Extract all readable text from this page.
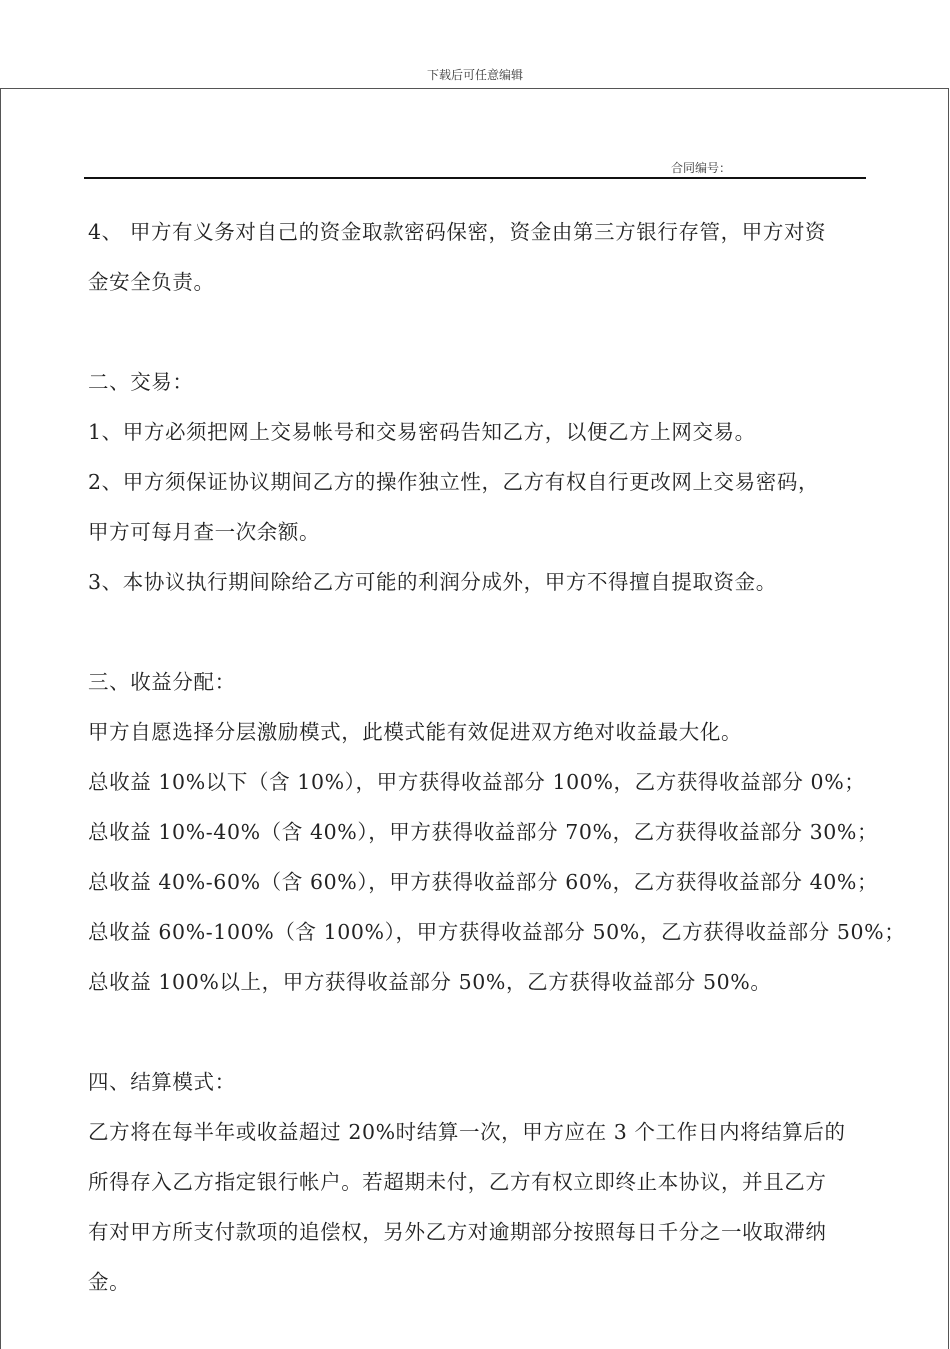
下载后可任意编辑
合同编号：
4、 甲方有义务对自己的资金取款密码保密，资金由第三方银行存管，甲方对资
金安全负责。
二、交易：
1、甲方必须把网上交易帐号和交易密码告知乙方，以便乙方上网交易。
2、甲方须保证协议期间乙方的操作独立性，乙方有权自行更改网上交易密码，
甲方可每月查一次余额。
3、本协议执行期间除给乙方可能的利润分成外，甲方不得擅自提取资金。
三、收益分配：
甲方自愿选择分层激励模式，此模式能有效促进双方绝对收益最大化。
总收益 10%以下（含 10%），甲方获得收益部分 100%，乙方获得收益部分 0%；
总收益 10%-40%（含 40%），甲方获得收益部分 70%，乙方获得收益部分 30%；
总收益 40%-60%（含 60%），甲方获得收益部分 60%，乙方获得收益部分 40%；
总收益 60%-100%（含 100%），甲方获得收益部分 50%，乙方获得收益部分 50%；
总收益 100%以上，甲方获得收益部分 50%，乙方获得收益部分 50%。
四、结算模式：
乙方将在每半年或收益超过 20%时结算一次，甲方应在 3 个工作日内将结算后的
所得存入乙方指定银行帐户。若超期未付，乙方有权立即终止本协议，并且乙方
有对甲方所支付款项的追偿权，另外乙方对逾期部分按照每日千分之一收取滞纳
金。
